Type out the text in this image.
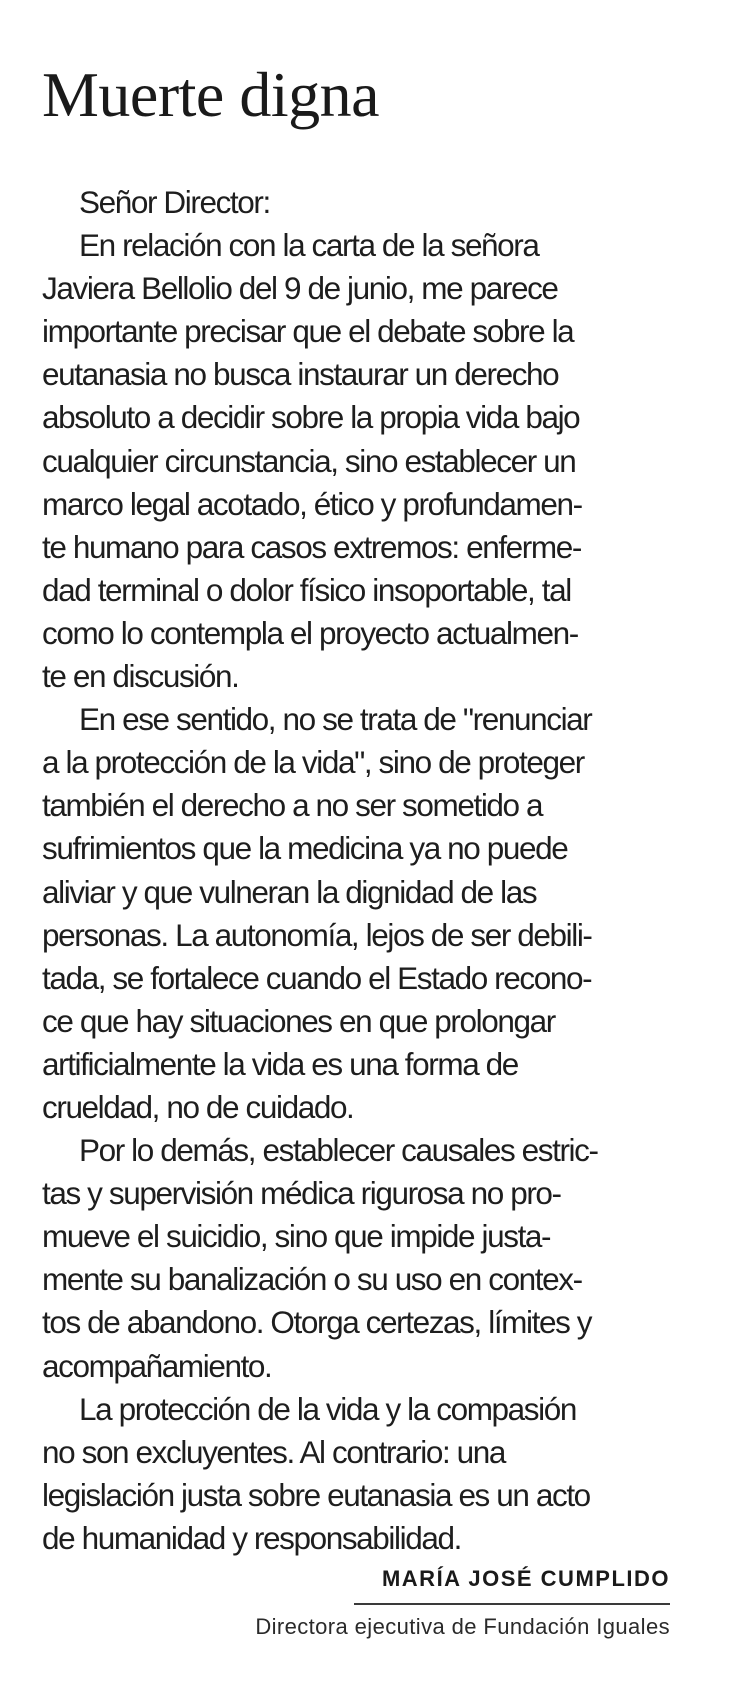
Muerte digna
Señor Director:
En relación con la carta de la señora
Javiera Bellolio del 9 de junio, me parece
importante precisar que el debate sobre la
eutanasia no busca instaurar un derecho
absoluto a decidir sobre la propia vida bajo
cualquier circunstancia, sino establecer un
marco legal acotado, ético y profundamen-
te humano para casos extremos: enferme-
dad terminal o dolor físico insoportable, tal
como lo contempla el proyecto actualmen-
te en discusión.
En ese sentido, no se trata de "renunciar
a la protección de la vida", sino de proteger
también el derecho a no ser sometido a
sufrimientos que la medicina ya no puede
aliviar y que vulneran la dignidad de las
personas. La autonomía, lejos de ser debili-
tada, se fortalece cuando el Estado recono-
ce que hay situaciones en que prolongar
artificialmente la vida es una forma de
crueldad, no de cuidado.
Por lo demás, establecer causales estric-
tas y supervisión médica rigurosa no pro-
mueve el suicidio, sino que impide justa-
mente su banalización o su uso en contex-
tos de abandono. Otorga certezas, límites y
acompañamiento.
La protección de la vida y la compasión
no son excluyentes. Al contrario: una
legislación justa sobre eutanasia es un acto
de humanidad y responsabilidad.
MARÍA JOSÉ CUMPLIDO
Directora ejecutiva de Fundación Iguales
